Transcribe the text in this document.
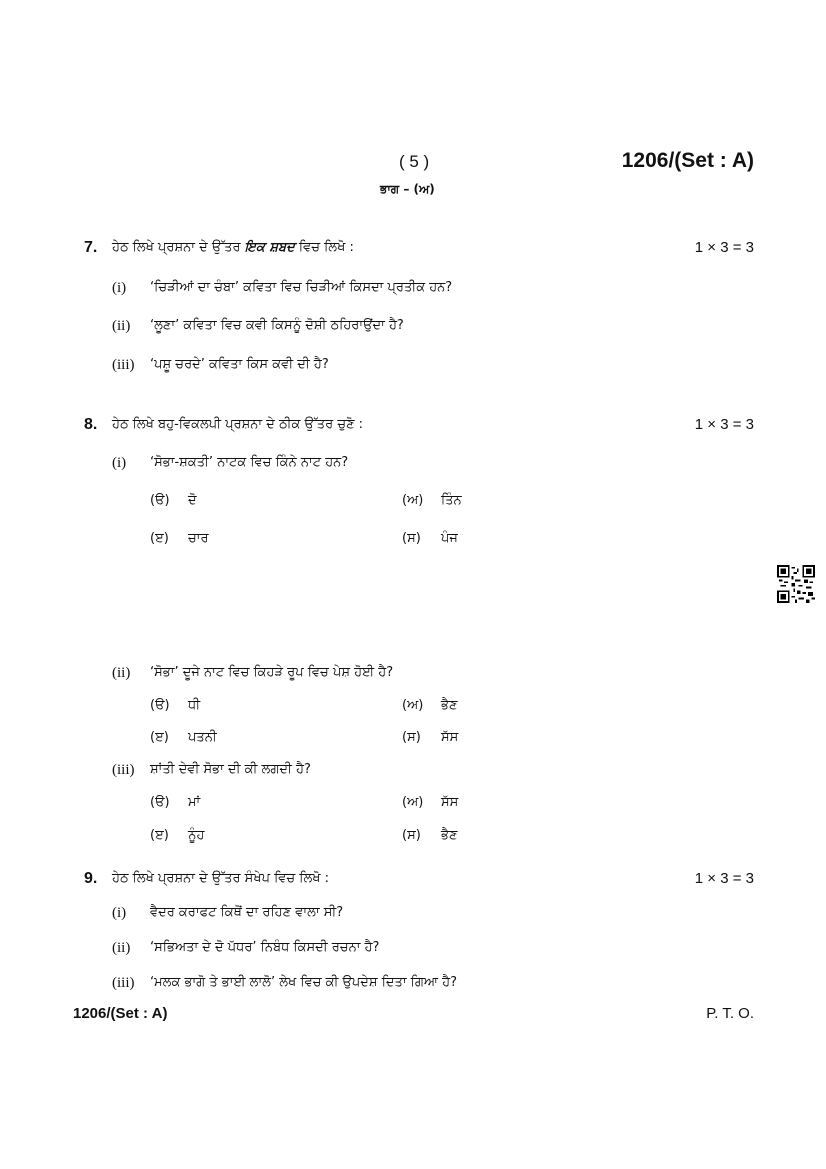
( 5 )	1206/(Set : A)
ਭਾਗ – (ਅ)
7. ਹੇਠ ਲਿਖੇ ਪ੍ਰਸ਼ਨਾ ਦੇ ਉੱਤਰ ਇਕ ਸ਼ਬਦ ਵਿਚ ਲਿਖੋ :	1 × 3 = 3
(i) ‘ਚਿੜੀਆਂ ਦਾ ਚੰਬਾ’ ਕਵਿਤਾ ਵਿਚ ਚਿੜੀਆਂ ਕਿਸਦਾ ਪ੍ਰਤੀਕ ਹਨ?
(ii) ‘ਲੂਣਾ’ ਕਵਿਤਾ ਵਿਚ ਕਵੀ ਕਿਸਨੂੰ ਦੋਸ਼ੀ ਠਹਿਰਾਉਂਦਾ ਹੈ?
(iii) ‘ਪਸ਼ੂ ਚਰਦੇ’ ਕਵਿਤਾ ਕਿਸ ਕਵੀ ਦੀ ਹੈ?
8. ਹੇਠ ਲਿਖੇ ਬਹੁ-ਵਿਕਲਪੀ ਪ੍ਰਸ਼ਨਾ ਦੇ ਠੀਕ ਉੱਤਰ ਚੁਣੋ :	1 × 3 = 3
(i) ‘ਸੋਭਾ-ਸ਼ਕਤੀ’ ਨਾਟਕ ਵਿਚ ਕਿੰਨੇ ਨਾਟ ਹਨ?
(ੳ) ਦੋ	(ਅ) ਤਿੰਨ
(ੲ) ਚਾਰ	(ਸ) ਪੰਜ
(ii) ‘ਸੋਭਾ’ ਦੂਜੇ ਨਾਟ ਵਿਚ ਕਿਹੜੇ ਰੂਪ ਵਿਚ ਪੇਸ਼ ਹੋਈ ਹੈ?
(ੳ) ਧੀ	(ਅ) ਭੈਣ
(ੲ) ਪਤਨੀ	(ਸ) ਸੱਸ
(iii) ਸ਼ਾਂਤੀ ਦੇਵੀ ਸੋਭਾ ਦੀ ਕੀ ਲਗਦੀ ਹੈ?
(ੳ) ਮਾਂ	(ਅ) ਸੱਸ
(ੲ) ਨੂੰਹ	(ਸ) ਭੈਣ
9. ਹੇਠ ਲਿਖੇ ਪ੍ਰਸ਼ਨਾ ਦੇ ਉੱਤਰ ਸੰਖੇਪ ਵਿਚ ਲਿਖੋ :	1 × 3 = 3
(i) ਵੈਦਰ ਕਰਾਫਟ ਕਿਥੋਂ ਦਾ ਰਹਿਣ ਵਾਲਾ ਸੀ?
(ii) ‘ਸਭਿਅਤਾ ਦੇ ਦੋ ਪੱਧਰ’ ਨਿਬੰਧ ਕਿਸਦੀ ਰਚਨਾ ਹੈ?
(iii) ‘ਮਲਕ ਭਾਗੋ ਤੇ ਭਾਈ ਲਾਲੋ’ ਲੇਖ ਵਿਚ ਕੀ ਉਪਦੇਸ਼ ਦਿਤਾ ਗਿਆ ਹੈ?
1206/(Set : A)	P. T. O.
